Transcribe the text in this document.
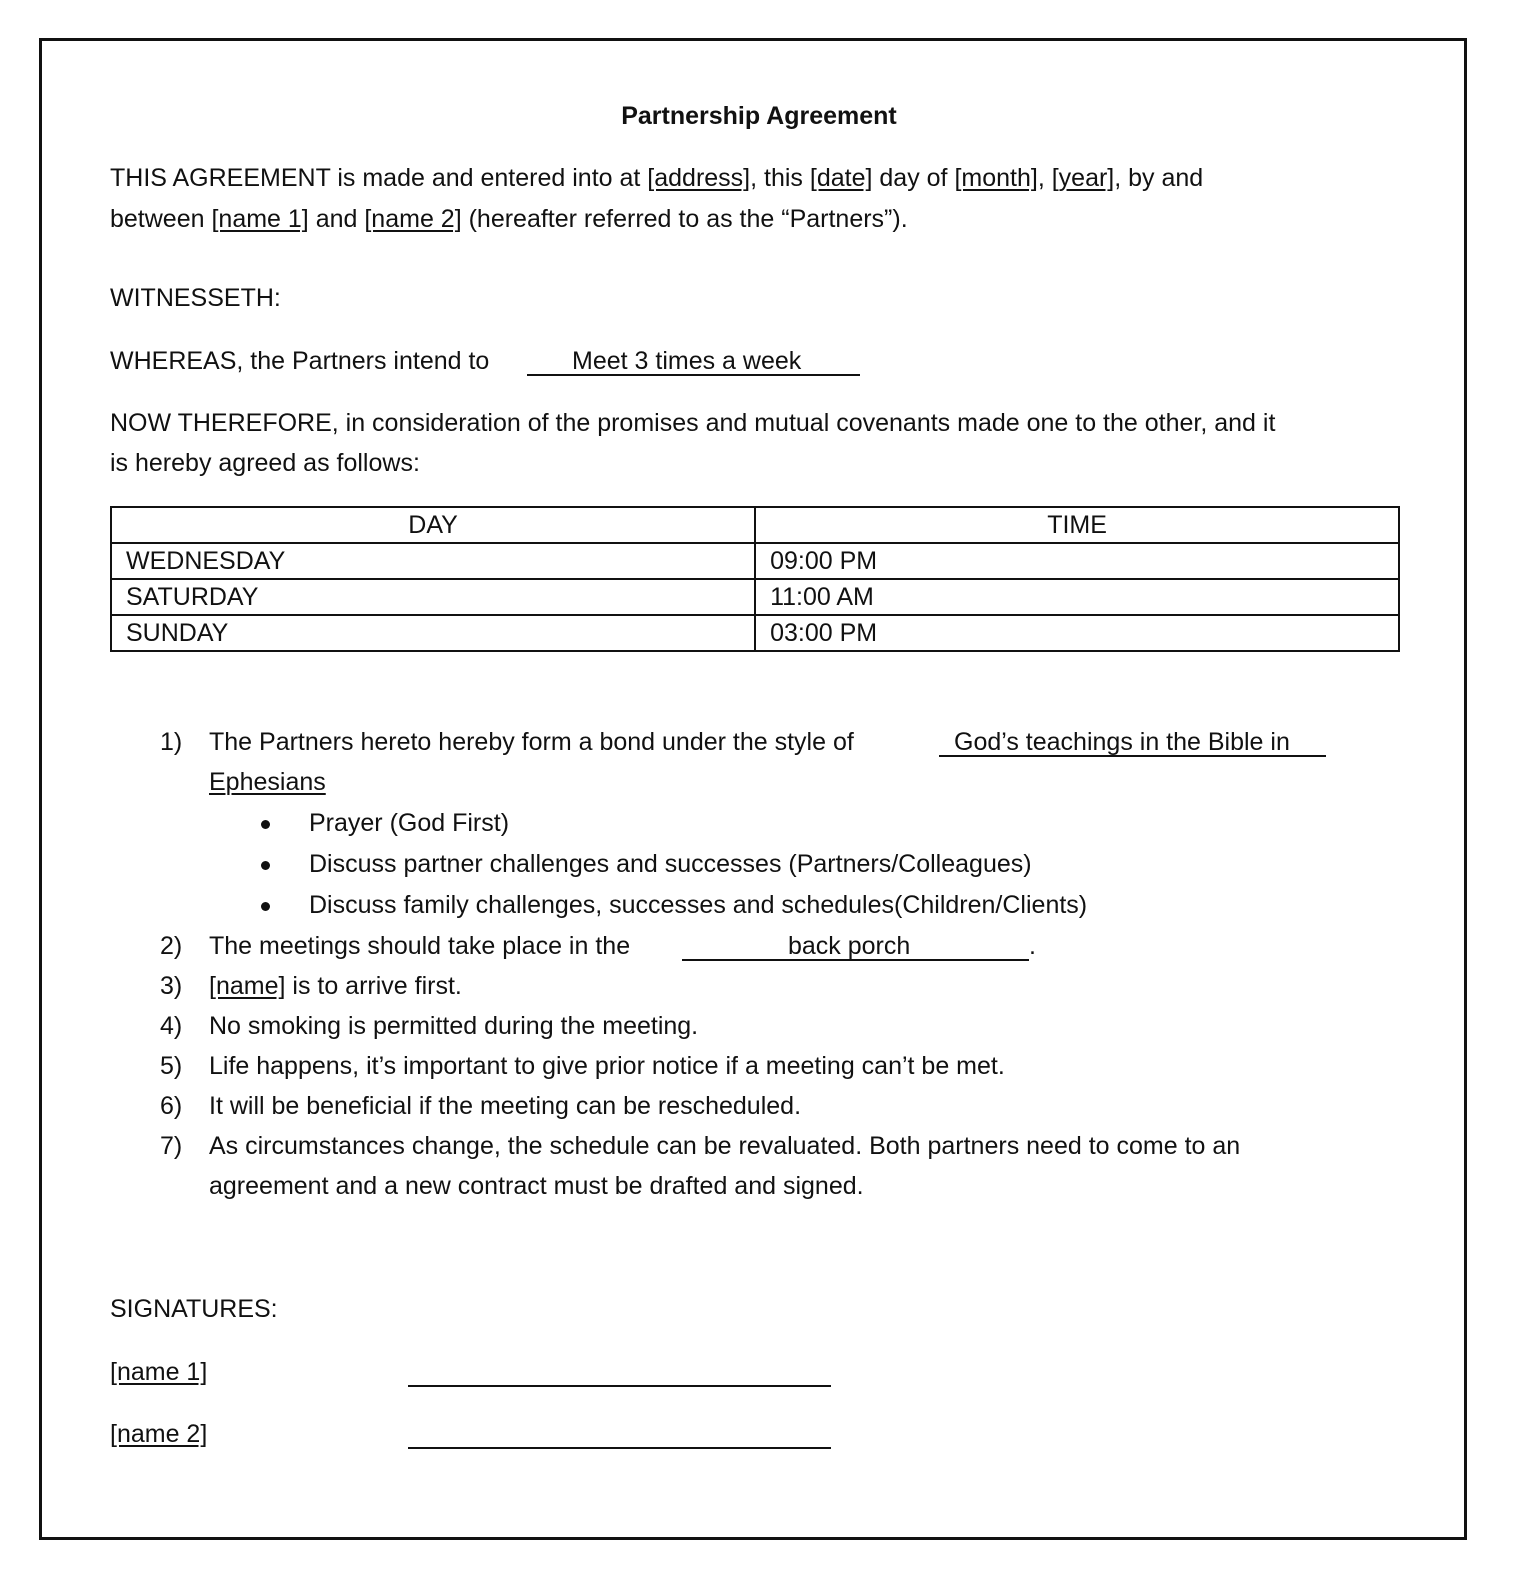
Partnership Agreement
THIS AGREEMENT is made and entered into at [address], this [date] day of [month], [year], by and
between [name 1] and [name 2] (hereafter referred to as the “Partners”).
WITNESSETH:
WHEREAS, the Partners intend to	Meet 3 times a week
NOW THEREFORE, in consideration of the promises and mutual covenants made one to the other, and it
is hereby agreed as follows:
DAY	TIME
WEDNESDAY	09:00 PM
SATURDAY	11:00 AM
SUNDAY	03:00 PM
1) The Partners hereto hereby form a bond under the style of	God’s teachings in the Bible in
Ephesians
Prayer (God First)
Discuss partner challenges and successes (Partners/Colleagues)
Discuss family challenges, successes and schedules(Children/Clients)
2) The meetings should take place in the	back porch	.
3) [name] is to arrive first.
4) No smoking is permitted during the meeting.
5) Life happens, it’s important to give prior notice if a meeting can’t be met.
6) It will be beneficial if the meeting can be rescheduled.
7) As circumstances change, the schedule can be revaluated. Both partners need to come to an
agreement and a new contract must be drafted and signed.
SIGNATURES:
[name 1]
[name 2]
